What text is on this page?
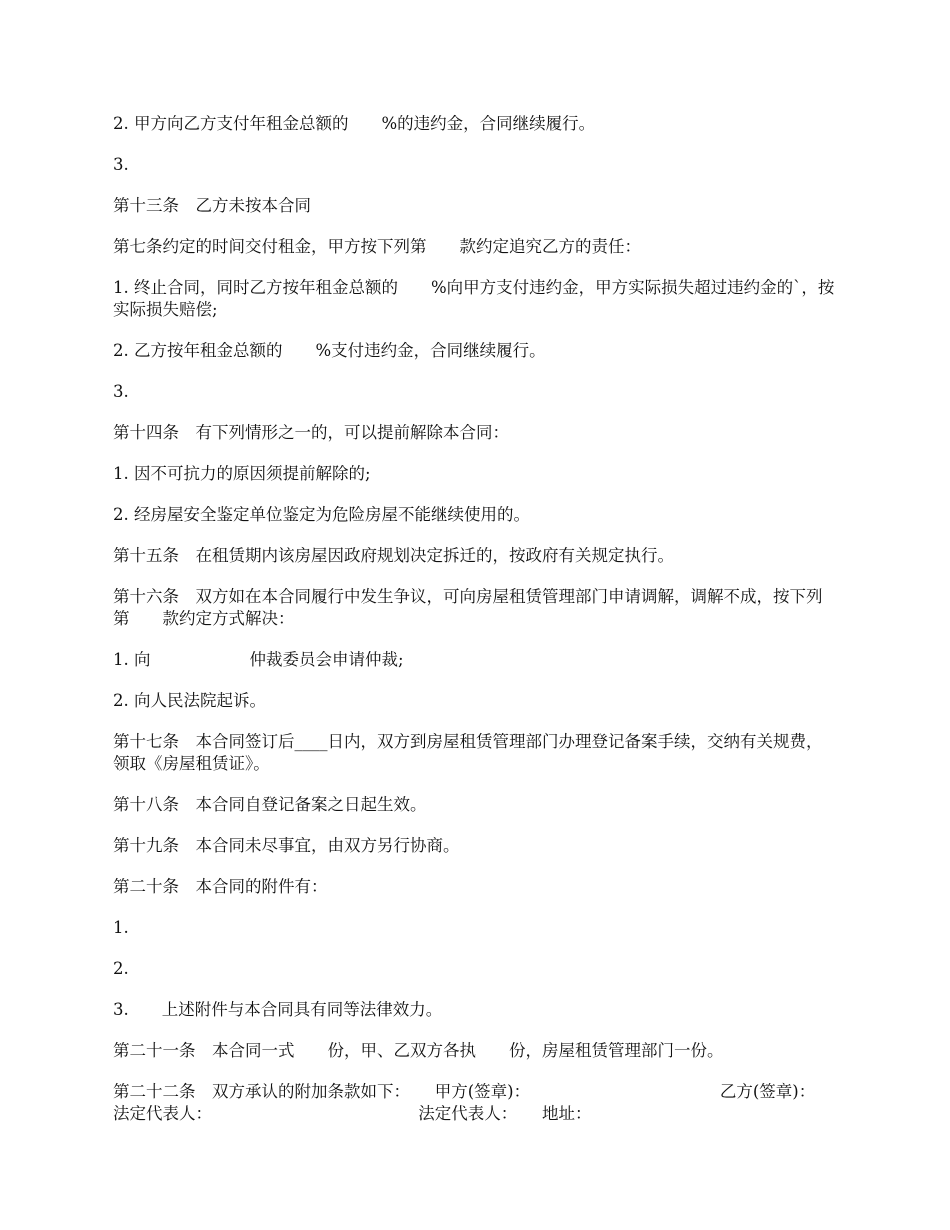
2. 甲方向乙方支付年租金总额的　　%的违约金，合同继续履行。

3.

第十三条　乙方未按本合同

第七条约定的时间交付租金，甲方按下列第　　款约定追究乙方的责任：

1. 终止合同，同时乙方按年租金总额的　　%向甲方支付违约金，甲方实际损失超过违约金的`，按实际损失赔偿;

2. 乙方按年租金总额的　　%支付违约金，合同继续履行。

3.

第十四条　有下列情形之一的，可以提前解除本合同：

1. 因不可抗力的原因须提前解除的;

2. 经房屋安全鉴定单位鉴定为危险房屋不能继续使用的。

第十五条　在租赁期内该房屋因政府规划决定拆迁的，按政府有关规定执行。

第十六条　双方如在本合同履行中发生争议，可向房屋租赁管理部门申请调解，调解不成，按下列第　　款约定方式解决：

1. 向　　　　　　仲裁委员会申请仲裁;

2. 向人民法院起诉。

第十七条　本合同签订后____日内，双方到房屋租赁管理部门办理登记备案手续，交纳有关规费，领取《房屋租赁证》。

第十八条　本合同自登记备案之日起生效。

第十九条　本合同未尽事宜，由双方另行协商。

第二十条　本合同的附件有：

1.

2.

3.　　上述附件与本合同具有同等法律效力。

第二十一条　本合同一式　　份，甲、乙双方各执　　份，房屋租赁管理部门一份。

第二十二条　双方承认的附加条款如下：　　甲方(签章)：　　　　　　　　　　　　乙方(签章)：　　法定代表人：　　　　　　　　　　　　　法定代表人：　　地址：
